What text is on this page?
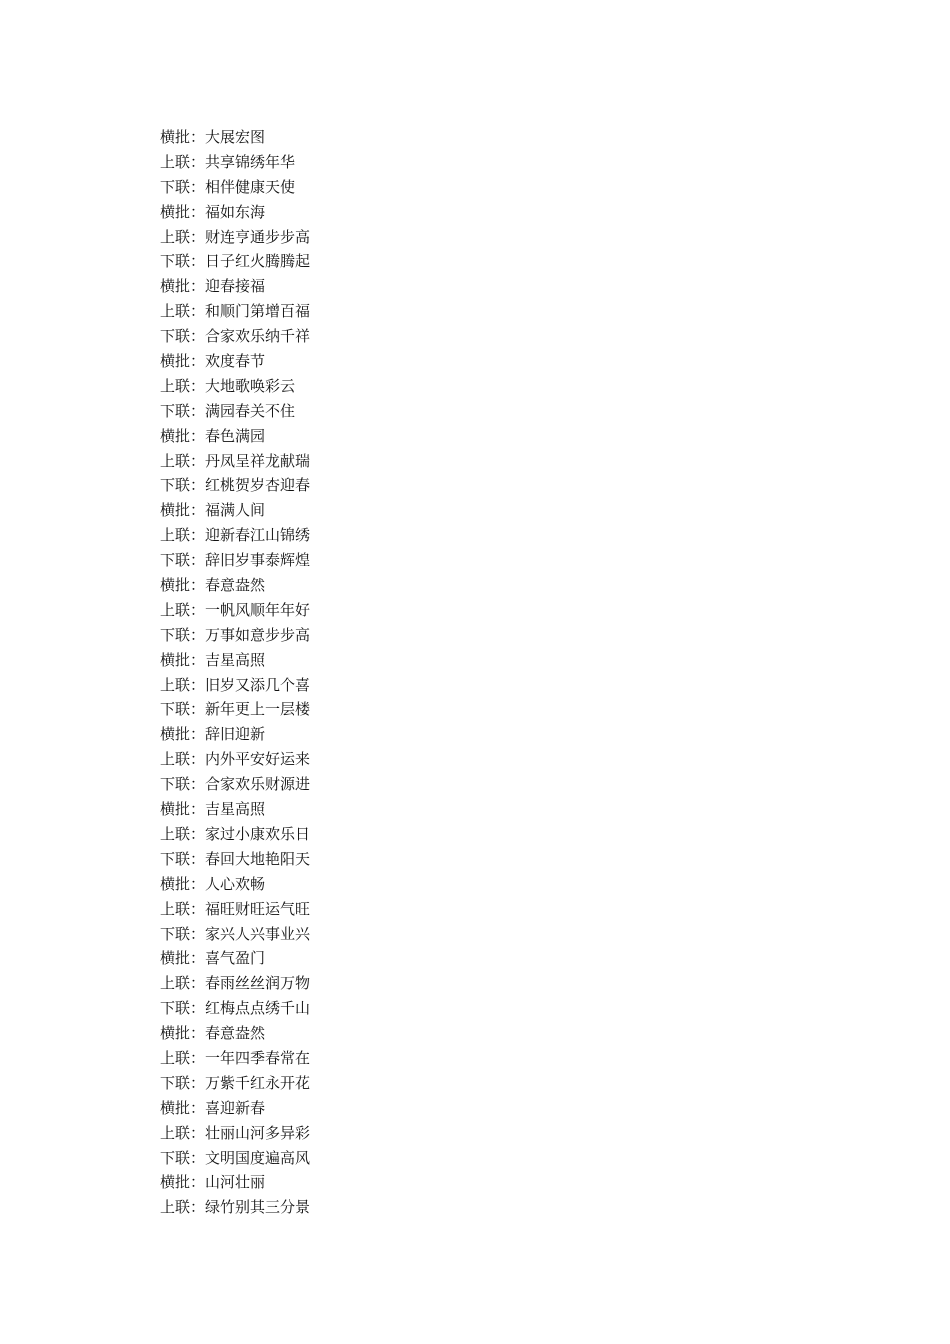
横批：大展宏图
上联：共享锦绣年华
下联：相伴健康天使
横批：福如东海
上联：财连亨通步步高
下联：日子红火腾腾起
横批：迎春接福
上联：和顺门第增百福
下联：合家欢乐纳千祥
横批：欢度春节
上联：大地歌唤彩云
下联：满园春关不住
横批：春色满园
上联：丹凤呈祥龙献瑞
下联：红桃贺岁杏迎春
横批：福满人间
上联：迎新春江山锦绣
下联：辞旧岁事泰辉煌
横批：春意盎然
上联：一帆风顺年年好
下联：万事如意步步高
横批：吉星高照
上联：旧岁又添几个喜
下联：新年更上一层楼
横批：辞旧迎新
上联：内外平安好运来
下联：合家欢乐财源进
横批：吉星高照
上联：家过小康欢乐日
下联：春回大地艳阳天
横批：人心欢畅
上联：福旺财旺运气旺
下联：家兴人兴事业兴
横批：喜气盈门
上联：春雨丝丝润万物
下联：红梅点点绣千山
横批：春意盎然
上联：一年四季春常在
下联：万紫千红永开花
横批：喜迎新春
上联：壮丽山河多异彩
下联：文明国度遍高风
横批：山河壮丽
上联：绿竹别其三分景
